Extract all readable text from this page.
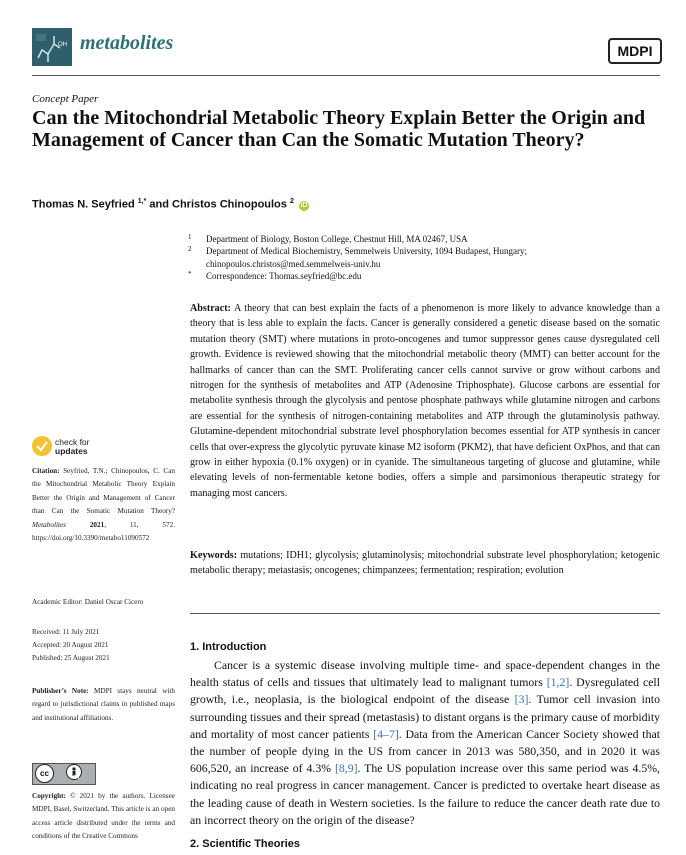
OH metabolites	MDPI
Concept Paper
Can the Mitochondrial Metabolic Theory Explain Better the Origin and Management of Cancer than Can the Somatic Mutation Theory?
Thomas N. Seyfried $^{1,*}$ and Christos Chinopoulos $^2$ iD
1	Department of Biology, Boston College, Chestnut Hill, MA 02467, USA
2	Department of Medical Biochemistry, Semmelweis University, 1094 Budapest, Hungary; chinopoulos.christos@med.semmelweis-univ.hu
*	Correspondence: Thomas.seyfried@bc.edu
Abstract: A theory that can best explain the facts of a phenomenon is more likely to advance knowledge than a theory that is less able to explain the facts. Cancer is generally considered a genetic disease based on the somatic mutation theory (SMT) where mutations in proto-oncogenes and tumor suppressor genes cause dysregulated cell growth. Evidence is reviewed showing that the mitochondrial metabolic theory (MMT) can better account for the hallmarks of cancer than can the SMT. Proliferating cancer cells cannot survive or grow without carbons and nitrogen for the synthesis of metabolites and ATP (Adenosine Triphosphate). Glucose carbons are essential for metabolite synthesis through the glycolysis and pentose phosphate pathways while glutamine nitrogen and carbons are essential for the synthesis of nitrogen-containing metabolites and ATP through the glutaminolysis pathway. Glutamine-dependent mitochondrial substrate level phosphorylation becomes essential for ATP synthesis in cancer cells that over-express the glycolytic pyruvate kinase M2 isoform (PKM2), that have deficient OxPhos, and that can grow in either hypoxia (0.1% oxygen) or in cyanide. The simultaneous targeting of glucose and glutamine, while elevating levels of non-fermentable ketone bodies, offers a simple and parsimonious therapeutic strategy for managing most cancers.
Keywords: mutations; IDH1; glycolysis; glutaminolysis; mitochondrial substrate level phosphorylation; ketogenic metabolic therapy; metastasis; oncogenes; chimpanzees; fermentation; respiration; evolution
check for
updates
Citation: Seyfried, T.N.; Chinopoulos, C. Can the Mitochondrial Metabolic Theory Explain Better the Origin and Management of Cancer than Can the Somatic Mutation Theory? Metabolites	2021, 11, 572. https://doi.org/10.3390/metabo11090572
Academic Editor: Daniel Oscar Cicero
Received: 11 July 2021
Accepted: 20 August 2021
Published: 25 August 2021
Publisher’s Note: MDPI stays neutral with regard to jurisdictional claims in published maps and institutional affiliations.
cc	BY
Copyright: © 2021 by the authors. Licensee MDPI, Basel, Switzerland. This article is an open access article distributed under the terms and conditions of the Creative Commons
1. Introduction
Cancer is a systemic disease involving multiple time- and space-dependent changes in the health status of cells and tissues that ultimately lead to malignant tumors [1,2]. Dysregulated cell growth, i.e., neoplasia, is the biological endpoint of the disease [3]. Tumor cell invasion into surrounding tissues and their spread (metastasis) to distant organs is the primary cause of morbidity and mortality of most cancer patients [4–7]. Data from the American Cancer Society showed that the number of people dying in the US from cancer in 2013 was 580,350, and in 2020 it was 606,520, an increase of 4.3% [8,9]. The US population increase over this same period was 4.5%, indicating no real progress in cancer management. Cancer is predicted to overtake heart disease as the leading cause of death in Western societies. Is the failure to reduce the cancer death rate due to an incorrect theory on the origin of the disease?
2. Scientific Theories
